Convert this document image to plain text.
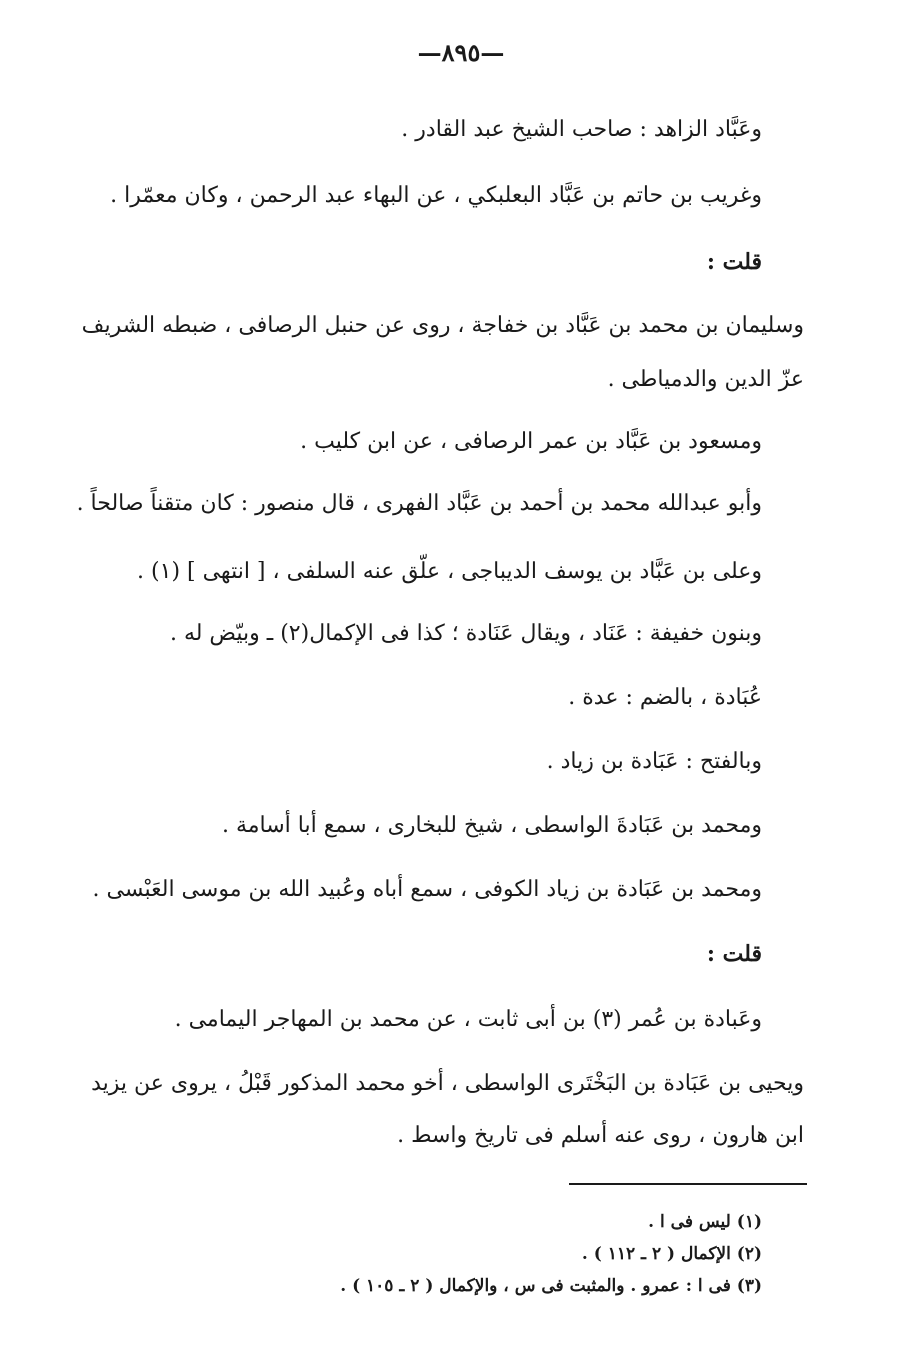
—٨٩٥—
وعَبَّاد الزاهد : صاحب الشيخ عبد القادر .
وغريب بن حاتم بن عَبَّاد البعلبكي ، عن البهاء عبد الرحمن ، وكان معمّرا .
قلت :
وسليمان بن محمد بن عَبَّاد بن خفاجة ، روى عن حنبل الرصافى ، ضبطه الشريف
عزّ الدين والدمياطى .
ومسعود بن عَبَّاد بن عمر الرصافى ، عن ابن كليب .
وأبو عبدالله محمد بن أحمد بن عَبَّاد الفهرى ، قال منصور : كان متقناً صالحاً .
وعلى بن عَبَّاد بن يوسف الديباجى ، علّق عنه السلفى ، [ انتهى ] (١) .
وبنون خفيفة : عَنَاد ، ويقال عَنَادة ؛ كذا فى الإكمال(٢) ـ وبيّض له .
عُبَادة ، بالضم : عدة .
وبالفتح : عَبَادة بن زياد .
ومحمد بن عَبَادةَ الواسطى ، شيخ للبخارى ، سمع أبا أسامة .
ومحمد بن عَبَادة بن زياد الكوفى ، سمع أباه وعُبيد الله بن موسى العَبْسى .
قلت :
وعَبادة بن عُمر (٣) بن أبى ثابت ، عن محمد بن المهاجر اليمامى .
ويحيى بن عَبَادة بن البَخْتَرى الواسطى ، أخو محمد المذكور قَبْلُ ، يروى عن يزيد
ابن هارون ، روى عنه أسلم فى تاريخ واسط .
(١) ليس فى ا .
(٢) الإكمال ( ٢ ـ ١١٢ ) .
(٣) فى ا : عمرو . والمثبت فى س ، والإكمال ( ٢ ـ ١٠٥ ) .
